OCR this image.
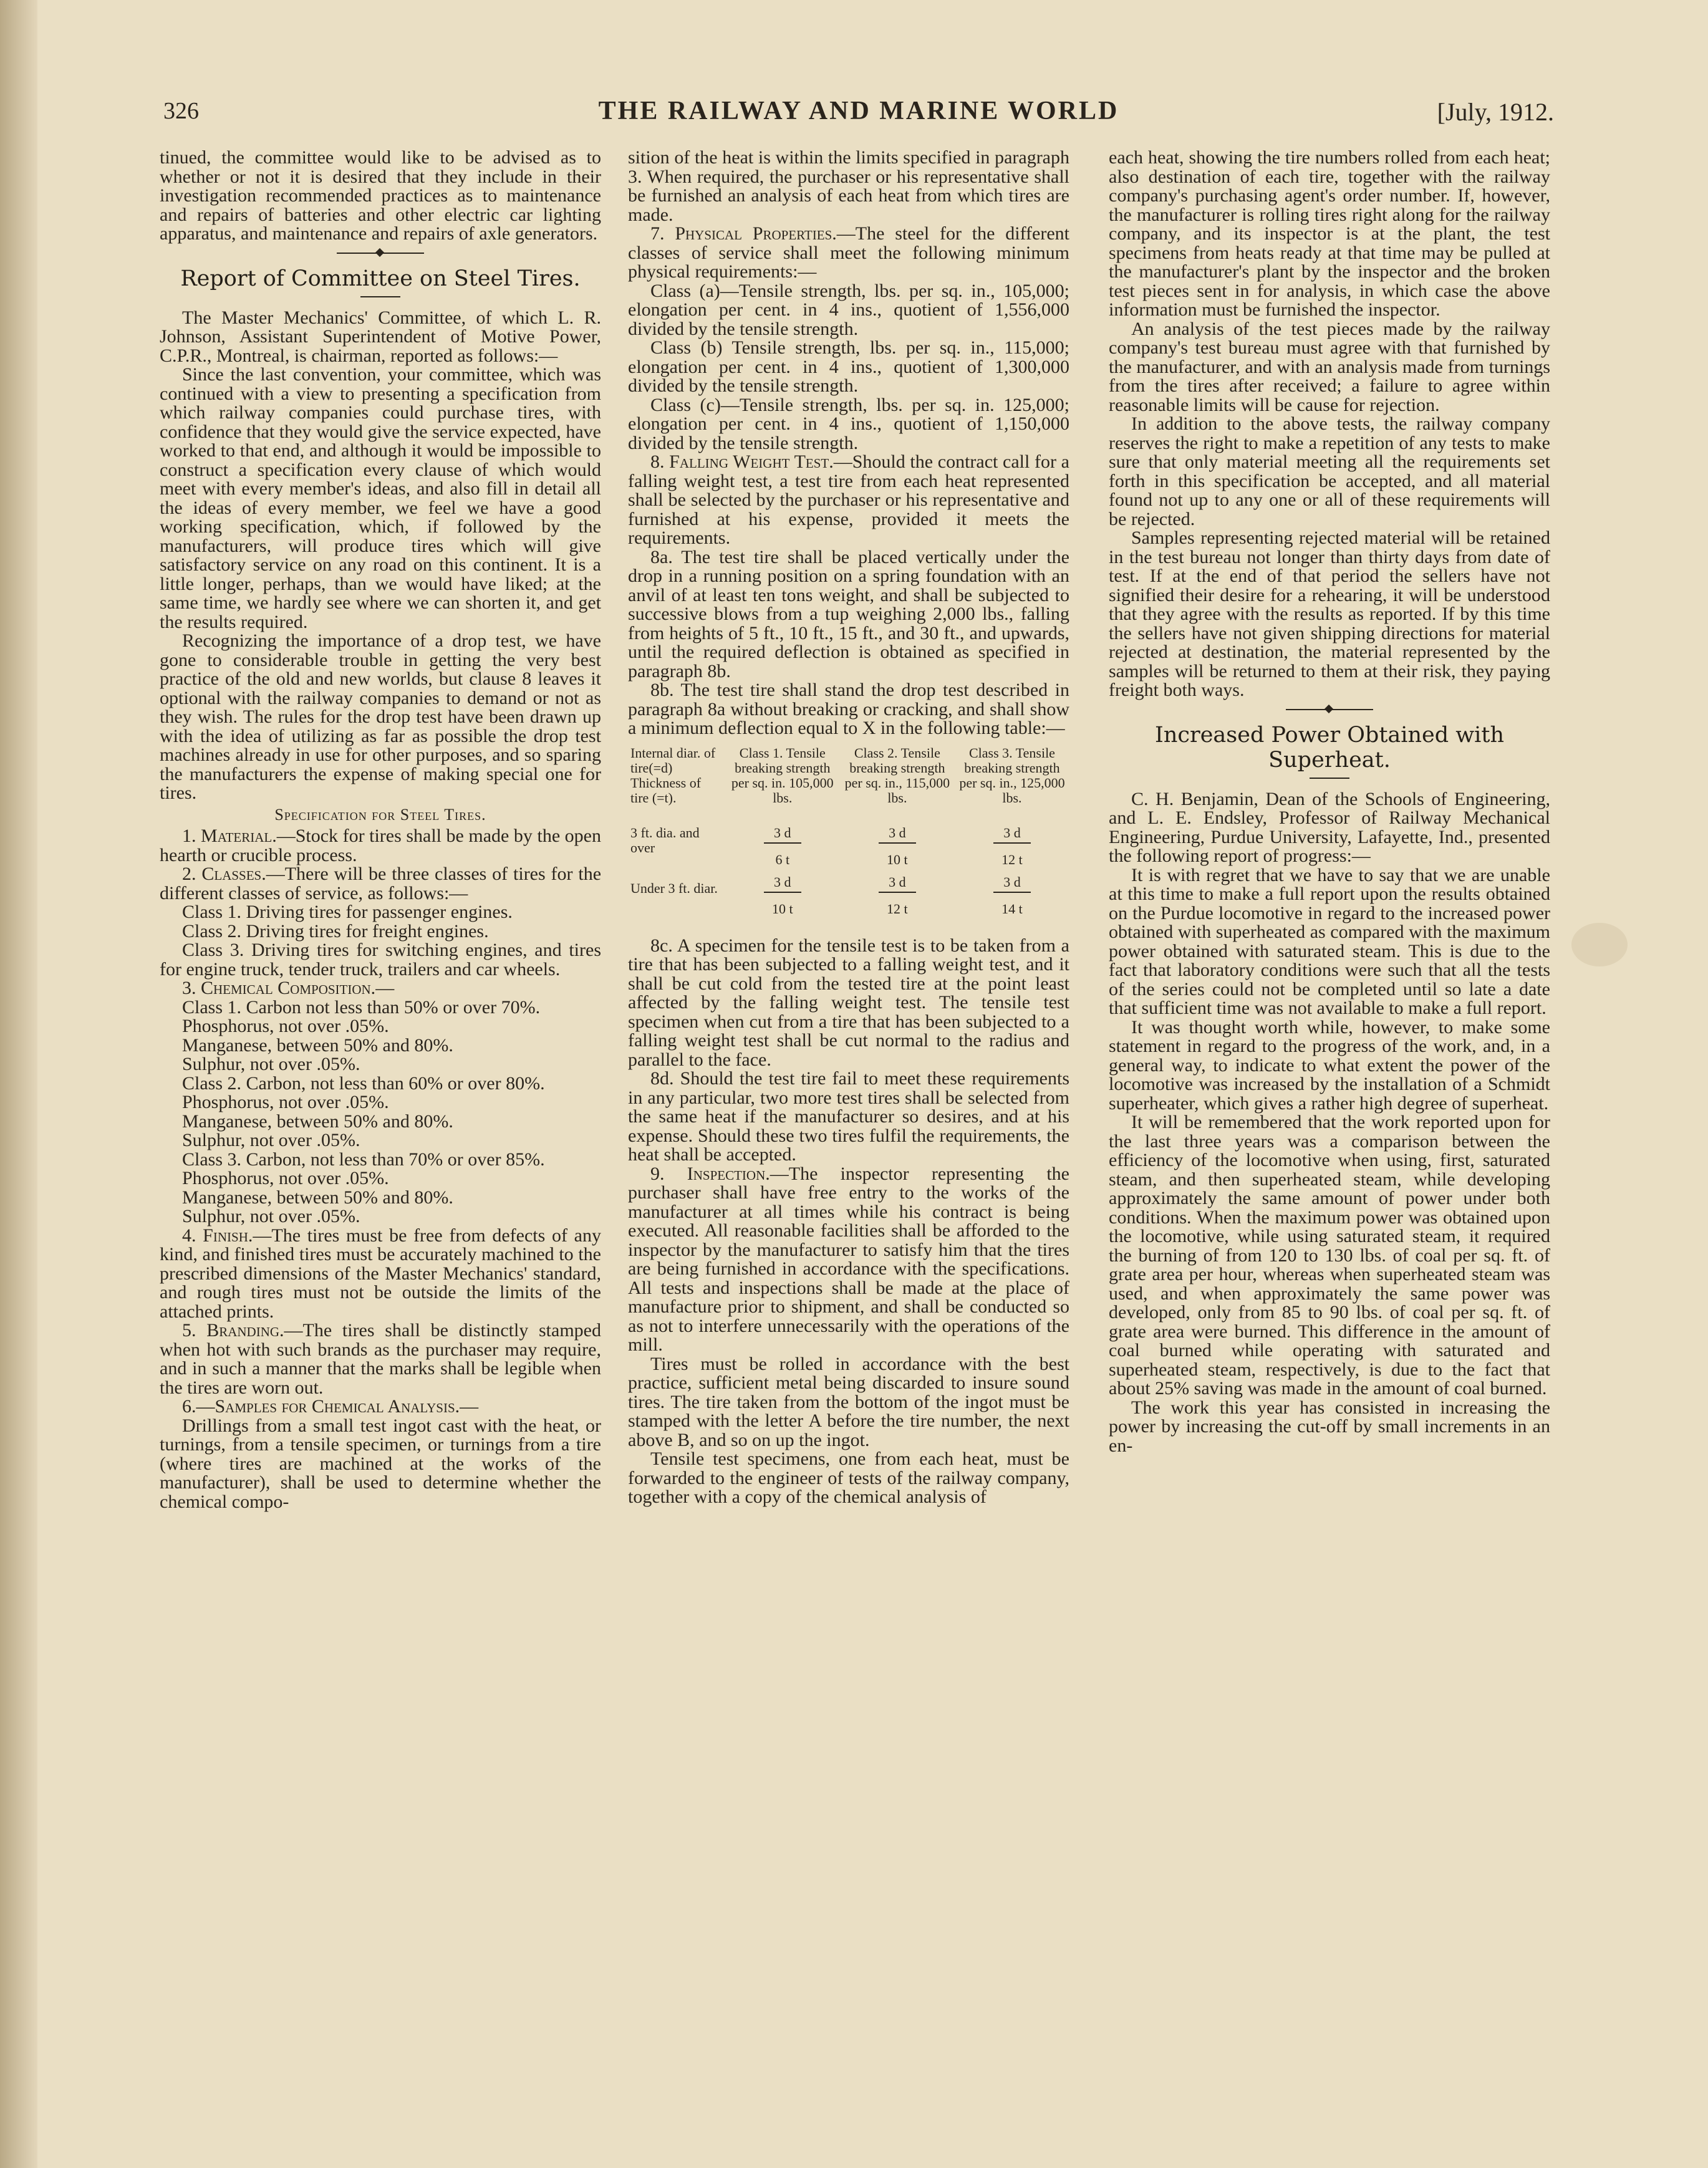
326	THE RAILWAY AND MARINE WORLD	[July, 1912.

tinued, the committee would like to be advised as to whether or not it is desired that they include in their investigation recommended practices as to maintenance and repairs of batteries and other electric car lighting apparatus, and maintenance and repairs of axle generators.

Report of Committee on Steel Tires.

The Master Mechanics' Committee, of which L. R. Johnson, Assistant Superintendent of Motive Power, C.P.R., Montreal, is chairman, reported as follows:—

Since the last convention, your committee, which was continued with a view to presenting a specification from which railway companies could purchase tires, with confidence that they would give the service expected, have worked to that end, and although it would be impossible to construct a specification every clause of which would meet with every member's ideas, and also fill in detail all the ideas of every member, we feel we have a good working specification, which, if followed by the manufacturers, will produce tires which will give satisfactory service on any road on this continent. It is a little longer, perhaps, than we would have liked; at the same time, we hardly see where we can shorten it, and get the results required.

Recognizing the importance of a drop test, we have gone to considerable trouble in getting the very best practice of the old and new worlds, but clause 8 leaves it optional with the railway companies to demand or not as they wish. The rules for the drop test have been drawn up with the idea of utilizing as far as possible the drop test machines already in use for other purposes, and so sparing the manufacturers the expense of making special one for tires.

Specification for Steel Tires.

1. Material.—Stock for tires shall be made by the open hearth or crucible process.

2. Classes.—There will be three classes of tires for the different classes of service, as follows:—

Class 1. Driving tires for passenger engines.

Class 2. Driving tires for freight engines.

Class 3. Driving tires for switching engines, and tires for engine truck, tender truck, trailers and car wheels.

3. Chemical Composition.—

Class 1. Carbon not less than 50% or over 70%.

Phosphorus, not over .05%.

Manganese, between 50% and 80%.

Sulphur, not over .05%.

Class 2. Carbon, not less than 60% or over 80%.

Phosphorus, not over .05%.

Manganese, between 50% and 80%.

Sulphur, not over .05%.

Class 3. Carbon, not less than 70% or over 85%.

Phosphorus, not over .05%.

Manganese, between 50% and 80%.

Sulphur, not over .05%.

4. Finish.—The tires must be free from defects of any kind, and finished tires must be accurately machined to the prescribed dimensions of the Master Mechanics' standard, and rough tires must not be outside the limits of the attached prints.

5. Branding.—The tires shall be distinctly stamped when hot with such brands as the purchaser may require, and in such a manner that the marks shall be legible when the tires are worn out.

6.—Samples for Chemical Analysis.—

Drillings from a small test ingot cast with the heat, or turnings, from a tensile specimen, or turnings from a tire (where tires are machined at the works of the manufacturer), shall be used to determine whether the chemical compo-

sition of the heat is within the limits specified in paragraph 3. When required, the purchaser or his representative shall be furnished an analysis of each heat from which tires are made.

7. Physical Properties.—The steel for the different classes of service shall meet the following minimum physical requirements:—

Class (a)—Tensile strength, lbs. per sq. in., 105,000; elongation per cent. in 4 ins., quotient of 1,556,000 divided by the tensile strength.

Class (b) Tensile strength, lbs. per sq. in., 115,000; elongation per cent. in 4 ins., quotient of 1,300,000 divided by the tensile strength.

Class (c)—Tensile strength, lbs. per sq. in. 125,000; elongation per cent. in 4 ins., quotient of 1,150,000 divided by the tensile strength.

8. Falling Weight Test.—Should the contract call for a falling weight test, a test tire from each heat represented shall be selected by the purchaser or his representative and furnished at his expense, provided it meets the requirements.

8a. The test tire shall be placed vertically under the drop in a running position on a spring foundation with an anvil of at least ten tons weight, and shall be subjected to successive blows from a tup weighing 2,000 lbs., falling from heights of 5 ft., 10 ft., 15 ft., and 30 ft., and upwards, until the required deflection is obtained as specified in paragraph 8b.

8b. The test tire shall stand the drop test described in paragraph 8a without breaking or cracking, and shall show a minimum deflection equal to X in the following table:—

Internal diar. of tire(=d) Thickness of tire (=t).	Class 1. Tensile breaking strength per sq. in. 105,000 lbs.	Class 2. Tensile breaking strength per sq. in., 115,000 lbs.	Class 3. Tensile breaking strength per sq. in., 125,000 lbs.
3 ft. dia. and over	$\frac{3 d}{6 t}$	$\frac{3 d}{10 t}$	$\frac{3 d}{12 t}$

Under 3 ft. diar.	$\frac{3 d}{10 t}$	$\frac{3 d}{12 t}$	$\frac{3 d}{14 t}$

8c. A specimen for the tensile test is to be taken from a tire that has been subjected to a falling weight test, and it shall be cut cold from the tested tire at the point least affected by the falling weight test. The tensile test specimen when cut from a tire that has been subjected to a falling weight test shall be cut normal to the radius and parallel to the face.

8d. Should the test tire fail to meet these requirements in any particular, two more test tires shall be selected from the same heat if the manufacturer so desires, and at his expense. Should these two tires fulfil the requirements, the heat shall be accepted.

9. Inspection.—The inspector representing the purchaser shall have free entry to the works of the manufacturer at all times while his contract is being executed. All reasonable facilities shall be afforded to the inspector by the manufacturer to satisfy him that the tires are being furnished in accordance with the specifications. All tests and inspections shall be made at the place of manufacture prior to shipment, and shall be conducted so as not to interfere unnecessarily with the operations of the mill.

Tires must be rolled in accordance with the best practice, sufficient metal being discarded to insure sound tires. The tire taken from the bottom of the ingot must be stamped with the letter A before the tire number, the next above B, and so on up the ingot.

Tensile test specimens, one from each heat, must be forwarded to the engineer of tests of the railway company, together with a copy of the chemical analysis of

each heat, showing the tire numbers rolled from each heat; also destination of each tire, together with the railway company's purchasing agent's order number. If, however, the manufacturer is rolling tires right along for the railway company, and its inspector is at the plant, the test specimens from heats ready at that time may be pulled at the manufacturer's plant by the inspector and the broken test pieces sent in for analysis, in which case the above information must be furnished the inspector.

An analysis of the test pieces made by the railway company's test bureau must agree with that furnished by the manufacturer, and with an analysis made from turnings from the tires after received; a failure to agree within reasonable limits will be cause for rejection.

In addition to the above tests, the railway company reserves the right to make a repetition of any tests to make sure that only material meeting all the requirements set forth in this specification be accepted, and all material found not up to any one or all of these requirements will be rejected.

Samples representing rejected material will be retained in the test bureau not longer than thirty days from date of test. If at the end of that period the sellers have not signified their desire for a rehearing, it will be understood that they agree with the results as reported. If by this time the sellers have not given shipping directions for material rejected at destination, the material represented by the samples will be returned to them at their risk, they paying freight both ways.

Increased Power Obtained with Superheat.

C. H. Benjamin, Dean of the Schools of Engineering, and L. E. Endsley, Professor of Railway Mechanical Engineering, Purdue University, Lafayette, Ind., presented the following report of progress:—

It is with regret that we have to say that we are unable at this time to make a full report upon the results obtained on the Purdue locomotive in regard to the increased power obtained with superheated as compared with the maximum power obtained with saturated steam. This is due to the fact that laboratory conditions were such that all the tests of the series could not be completed until so late a date that sufficient time was not available to make a full report.

It was thought worth while, however, to make some statement in regard to the progress of the work, and, in a general way, to indicate to what extent the power of the locomotive was increased by the installation of a Schmidt superheater, which gives a rather high degree of superheat.

It will be remembered that the work reported upon for the last three years was a comparison between the efficiency of the locomotive when using, first, saturated steam, and then superheated steam, while developing approximately the same amount of power under both conditions. When the maximum power was obtained upon the locomotive, while using saturated steam, it required the burning of from 120 to 130 lbs. of coal per sq. ft. of grate area per hour, whereas when superheated steam was used, and when approximately the same power was developed, only from 85 to 90 lbs. of coal per sq. ft. of grate area were burned. This difference in the amount of coal burned while operating with saturated and superheated steam, respectively, is due to the fact that about 25% saving was made in the amount of coal burned.

The work this year has consisted in increasing the power by increasing the cut-off by small increments in an en-
